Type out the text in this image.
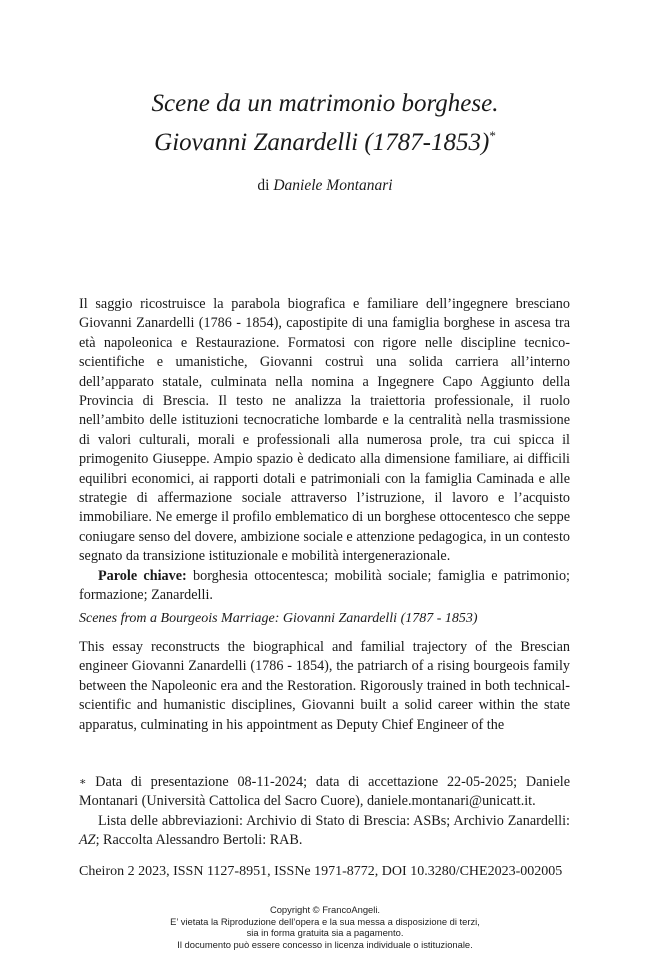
Scene da un matrimonio borghese.
Giovanni Zanardelli (1787-1853)*
di Daniele Montanari

Il saggio ricostruisce la parabola biografica e familiare dell’ingegnere bresciano Giovanni Zanardelli (1786 - 1854), capostipite di una famiglia borghese in ascesa tra età napoleonica e Restaurazione. Formatosi con rigore nelle discipline tecnico-scientifiche e umanistiche, Giovanni costruì una solida carriera all’interno dell’apparato statale, culminata nella nomina a Ingegnere Capo Aggiunto della Provincia di Brescia. Il testo ne analizza la traiettoria professionale, il ruolo nell’ambito delle istituzioni tecnocratiche lombarde e la centralità nella trasmissione di valori culturali, morali e professionali alla numerosa prole, tra cui spicca il primogenito Giuseppe. Ampio spazio è dedicato alla dimensione familiare, ai difficili equilibri economici, ai rapporti dotali e patrimoniali con la famiglia Caminada e alle strategie di affermazione sociale attraverso l’istruzione, il lavoro e l’acquisto immobiliare. Ne emerge il profilo emblematico di un borghese ottocentesco che seppe coniugare senso del dovere, ambizione sociale e attenzione pedagogica, in un contesto segnato da transizione istituzionale e mobilità intergenerazionale.

Parole chiave: borghesia ottocentesca; mobilità sociale; famiglia e patrimonio; formazione; Zanardelli.

Scenes from a Bourgeois Marriage: Giovanni Zanardelli (1787 - 1853)
This essay reconstructs the biographical and familial trajectory of the Brescian engineer Giovanni Zanardelli (1786 - 1854), the patriarch of a rising bourgeois family between the Napoleonic era and the Restoration. Rigorously trained in both technical-scientific and humanistic disciplines, Giovanni built a solid career within the state apparatus, culminating in his appointment as Deputy Chief Engineer of the

∗ Data di presentazione 08-11-2024; data di accettazione 22-05-2025; Daniele Montanari (Università Cattolica del Sacro Cuore), daniele.montanari@unicatt.it.

Lista delle abbreviazioni: Archivio di Stato di Brescia: ASBs; Archivio Zanardelli: AZ; Raccolta Alessandro Bertoli: RAB.

Cheiron 2 2023, ISSN 1127-8951, ISSNe 1971-8772, DOI 10.3280/CHE2023-002005
Copyright © FrancoAngeli.
E’ vietata la Riproduzione dell’opera e la sua messa a disposizione di terzi,
sia in forma gratuita sia a pagamento.
Il documento può essere concesso in licenza individuale o istituzionale.
